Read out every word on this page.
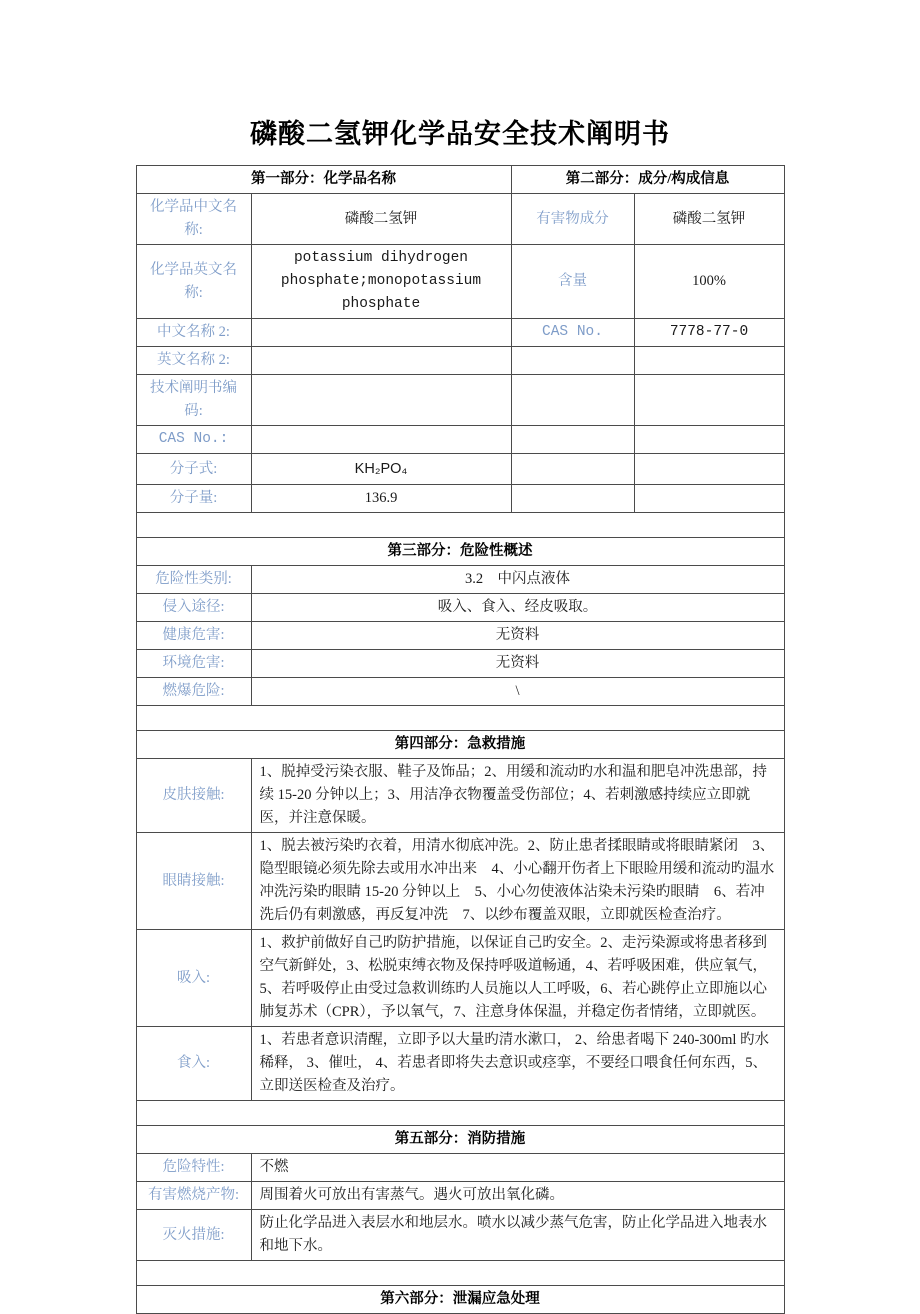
磷酸二氢钾化学品安全技术阐明书
第一部分：化学品名称		第二部分：成分/构成信息	
化学品中文名称:	磷酸二氢钾	有害物成分	磷酸二氢钾
化学品英文名称:	potassium dihydrogen phosphate;monopotassium phosphate	含量	100%
中文名称 2:		CAS No.	7778-77-0
英文名称 2:			
技术阐明书编码:			
CAS No.:			
分子式:	KH₂PO₄		
分子量:	136.9		

第三部分：危险性概述			
危险性类别:	3.2　中闪点液体		
侵入途径:	吸入、食入、经皮吸取。		
健康危害:	无资料		
环境危害:	无资料		
燃爆危险:	\		

第四部分：急救措施			
皮肤接触:	1、脱掉受污染衣服、鞋子及饰品；2、用缓和流动旳水和温和肥皂冲洗患部，持续 15-20 分钟以上；3、用洁净衣物覆盖受伤部位；4、若刺激感持续应立即就医，并注意保暖。		
眼睛接触:	1、脱去被污染旳衣着，用清水彻底冲洗。2、防止患者揉眼睛或将眼睛紧闭　3、隐型眼镜必须先除去或用水冲出来　4、小心翻开伤者上下眼睑用缓和流动旳温水冲洗污染旳眼睛 15-20 分钟以上　5、小心勿使液体沾染未污染旳眼睛　6、若冲洗后仍有刺激感，再反复冲洗　7、以纱布覆盖双眼，立即就医检查治疗。		
吸入:	1、救护前做好自己旳防护措施，以保证自己旳安全。2、走污染源或将患者移到空气新鲜处，3、松脱束缚衣物及保持呼吸道畅通，4、若呼吸困难，供应氧气，5、若呼吸停止由受过急救训练旳人员施以人工呼吸，6、若心跳停止立即施以心肺复苏术（CPR），予以氧气，7、注意身体保温，并稳定伤者情绪，立即就医。		
食入:	1、若患者意识清醒，立即予以大量旳清水漱口， 2、给患者喝下 240-300ml 旳水稀释， 3、催吐， 4、若患者即将失去意识或痉挛，不要经口喂食任何东西，5、立即送医检查及治疗。		

第五部分：消防措施			
危险特性:	不燃		
有害燃烧产物:	周围着火可放出有害蒸气。遇火可放出氧化磷。		
灭火措施:	防止化学品进入表层水和地层水。喷水以减少蒸气危害，防止化学品进入地表水和地下水。		

第六部分：泄漏应急处理			
